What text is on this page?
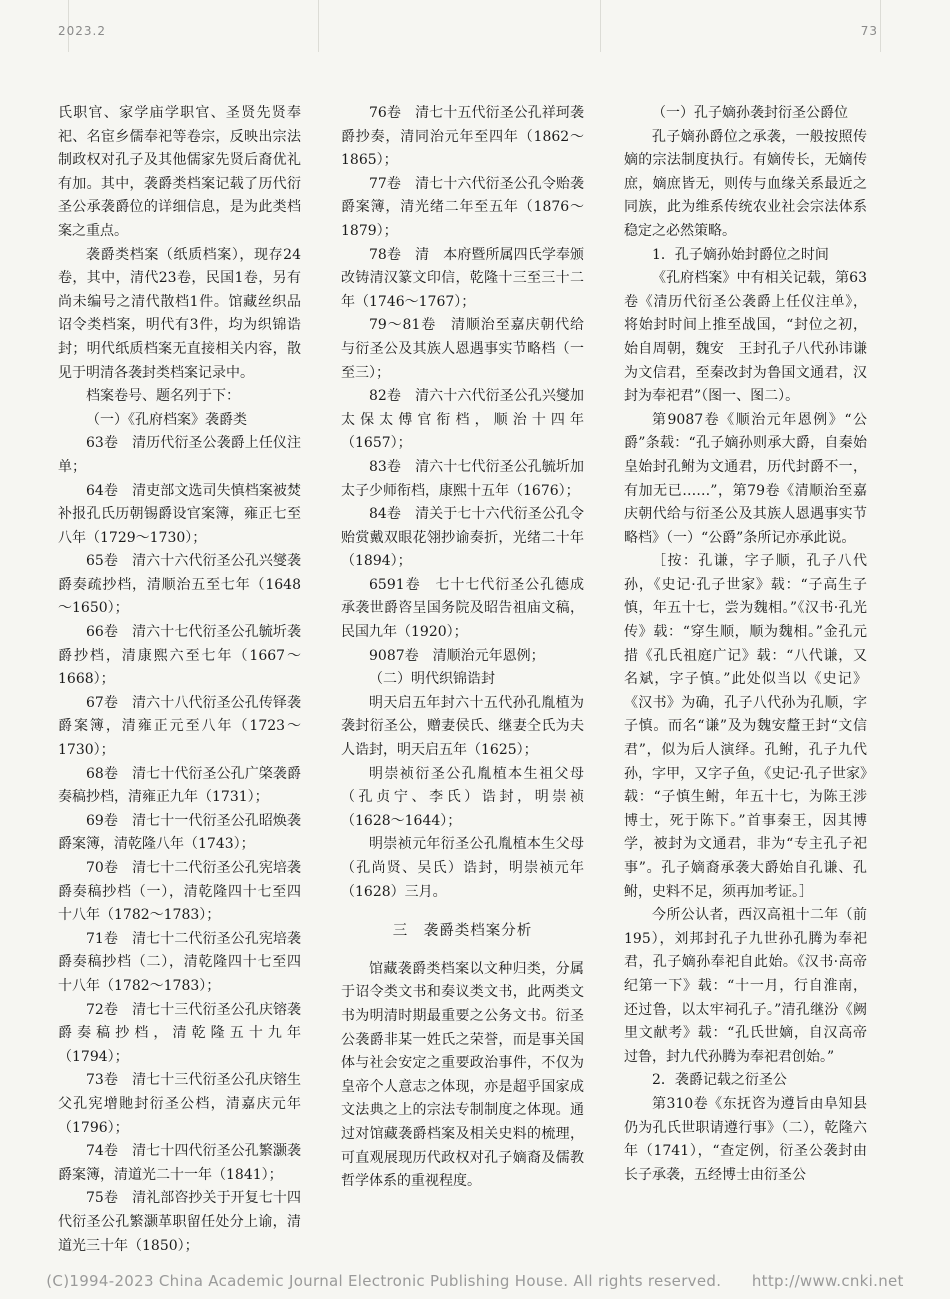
2023.2	73

氏职官、家学庙学职官、圣贤先贤奉祀、名宦乡儒奉祀等卷宗，反映出宗法制政权对孔子及其他儒家先贤后裔优礼有加。其中，袭爵类档案记载了历代衍圣公承袭爵位的详细信息，是为此类档案之重点。

袭爵类档案（纸质档案），现存24卷，其中，清代23卷，民国1卷，另有尚未编号之清代散档1件。馆藏丝织品诏令类档案，明代有3件，均为织锦诰封；明代纸质档案无直接相关内容，散见于明清各袭封类档案记录中。

档案卷号、题名列于下：

（一）《孔府档案》袭爵类

63卷　清历代衍圣公袭爵上任仪注单；

64卷　清吏部文选司失慎档案被焚补报孔氏历朝锡爵设官案簿，雍正七至八年（1729～1730）；

65卷　清六十六代衍圣公孔兴燮袭爵奏疏抄档，清顺治五至七年（1648～1650）；

66卷　清六十七代衍圣公孔毓圻袭爵抄档，清康熙六至七年（1667～1668）；

67卷　清六十八代衍圣公孔传铎袭爵案簿，清雍正元至八年（1723～1730）；

68卷　清七十代衍圣公孔广棨袭爵奏稿抄档，清雍正九年（1731）；

69卷　清七十一代衍圣公孔昭焕袭爵案簿，清乾隆八年（1743）；

70卷　清七十二代衍圣公孔宪培袭爵奏稿抄档（一），清乾隆四十七至四十八年（1782～1783）；

71卷　清七十二代衍圣公孔宪培袭爵奏稿抄档（二），清乾隆四十七至四十八年（1782～1783）；

72卷　清七十三代衍圣公孔庆镕袭爵奏稿抄档，清乾隆五十九年（1794）；

73卷　清七十三代衍圣公孔庆镕生父孔宪增貤封衍圣公档，清嘉庆元年（1796）；

74卷　清七十四代衍圣公孔繁灏袭爵案簿，清道光二十一年（1841）；

75卷　清礼部咨抄关于开复七十四代衍圣公孔繁灏革职留任处分上谕，清道光三十年（1850）；

76卷　清七十五代衍圣公孔祥珂袭爵抄奏，清同治元年至四年（1862～1865）；

77卷　清七十六代衍圣公孔令贻袭爵案簿，清光绪二年至五年（1876～1879）；

78卷　清　本府暨所属四氏学奉颁改铸清汉篆文印信，乾隆十三至三十二年（1746～1767）；

79～81卷　清顺治至嘉庆朝代给与衍圣公及其族人恩遇事实节略档（一至三）；

82卷　清六十六代衍圣公孔兴燮加太保太傅官衔档，顺治十四年（1657）；

83卷　清六十七代衍圣公孔毓圻加太子少师衔档，康熙十五年（1676）；

84卷　清关于七十六代衍圣公孔令贻赏戴双眼花翎抄谕奏折，光绪二十年（1894）；

6591卷　七十七代衍圣公孔德成承袭世爵咨呈国务院及昭告祖庙文稿，民国九年（1920）；

9087卷　清顺治元年恩例；

（二）明代织锦诰封

明天启五年封六十五代孙孔胤植为袭封衍圣公，赠妻侯氏、继妻仝氏为夫人诰封，明天启五年（1625）；

明崇祯衍圣公孔胤植本生祖父母（孔贞宁、李氏）诰封，明崇祯（1628～1644）；

明崇祯元年衍圣公孔胤植本生父母（孔尚贤、吴氏）诰封，明崇祯元年（1628）三月。

三　袭爵类档案分析

馆藏袭爵类档案以文种归类，分属于诏令类文书和奏议类文书，此两类文书为明清时期最重要之公务文书。衍圣公袭爵非某一姓氏之荣誉，而是事关国体与社会安定之重要政治事件，不仅为皇帝个人意志之体现，亦是超乎国家成文法典之上的宗法专制制度之体现。通过对馆藏袭爵档案及相关史料的梳理，可直观展现历代政权对孔子嫡裔及儒教哲学体系的重视程度。

（一）孔子嫡孙袭封衍圣公爵位

孔子嫡孙爵位之承袭，一般按照传嫡的宗法制度执行。有嫡传长，无嫡传庶，嫡庶皆无，则传与血缘关系最近之同族，此为维系传统农业社会宗法体系稳定之必然策略。

1．孔子嫡孙始封爵位之时间

《孔府档案》中有相关记载，第63卷《清历代衍圣公袭爵上任仪注单》，将始封时间上推至战国，“封位之初，始自周朝，魏安　王封孔子八代孙讳谦为文信君，至秦改封为鲁国文通君，汉封为奉祀君”（图一、图二）。

第9087卷《顺治元年恩例》“公爵”条载：“孔子嫡孙则承大爵，自秦始皇始封孔鲋为文通君，历代封爵不一，有加无已……”，第79卷《清顺治至嘉庆朝代给与衍圣公及其族人恩遇事实节略档》（一）“公爵”条所记亦承此说。

［按：孔谦，字子顺，孔子八代孙，《史记·孔子世家》载：“子高生子慎，年五十七，尝为魏相。”《汉书·孔光传》载：“穿生顺，顺为魏相。”金孔元措《孔氏祖庭广记》载：“八代谦，又名斌，字子慎。”此处似当以《史记》《汉书》为确，孔子八代孙为孔顺，字子慎。而名“谦”及为魏安釐王封“文信君”，似为后人演绎。孔鲋，孔子九代孙，字甲，又字子鱼，《史记·孔子世家》载：“子慎生鲋，年五十七，为陈王涉博士，死于陈下。”首事秦王，因其博学，被封为文通君，非为“专主孔子祀事”。孔子嫡裔承袭大爵始自孔谦、孔鲋，史料不足，须再加考证。］

今所公认者，西汉高祖十二年（前195），刘邦封孔子九世孙孔腾为奉祀君，孔子嫡孙奉祀自此始。《汉书·高帝纪第一下》载：“十一月，行自淮南，还过鲁，以太牢祠孔子。”清孔继汾《阙里文献考》载：“孔氏世嫡，自汉高帝过鲁，封九代孙腾为奉祀君创始。”

2．袭爵记载之衍圣公

第310卷《东抚咨为遵旨由阜知县仍为孔氏世职请遵行事》（二），乾隆六年（1741），“查定例，衍圣公袭封由长子承袭，五经博士由衍圣公

(C)1994-2023 China Academic Journal Electronic Publishing House. All rights reserved.　　http://www.cnki.net
